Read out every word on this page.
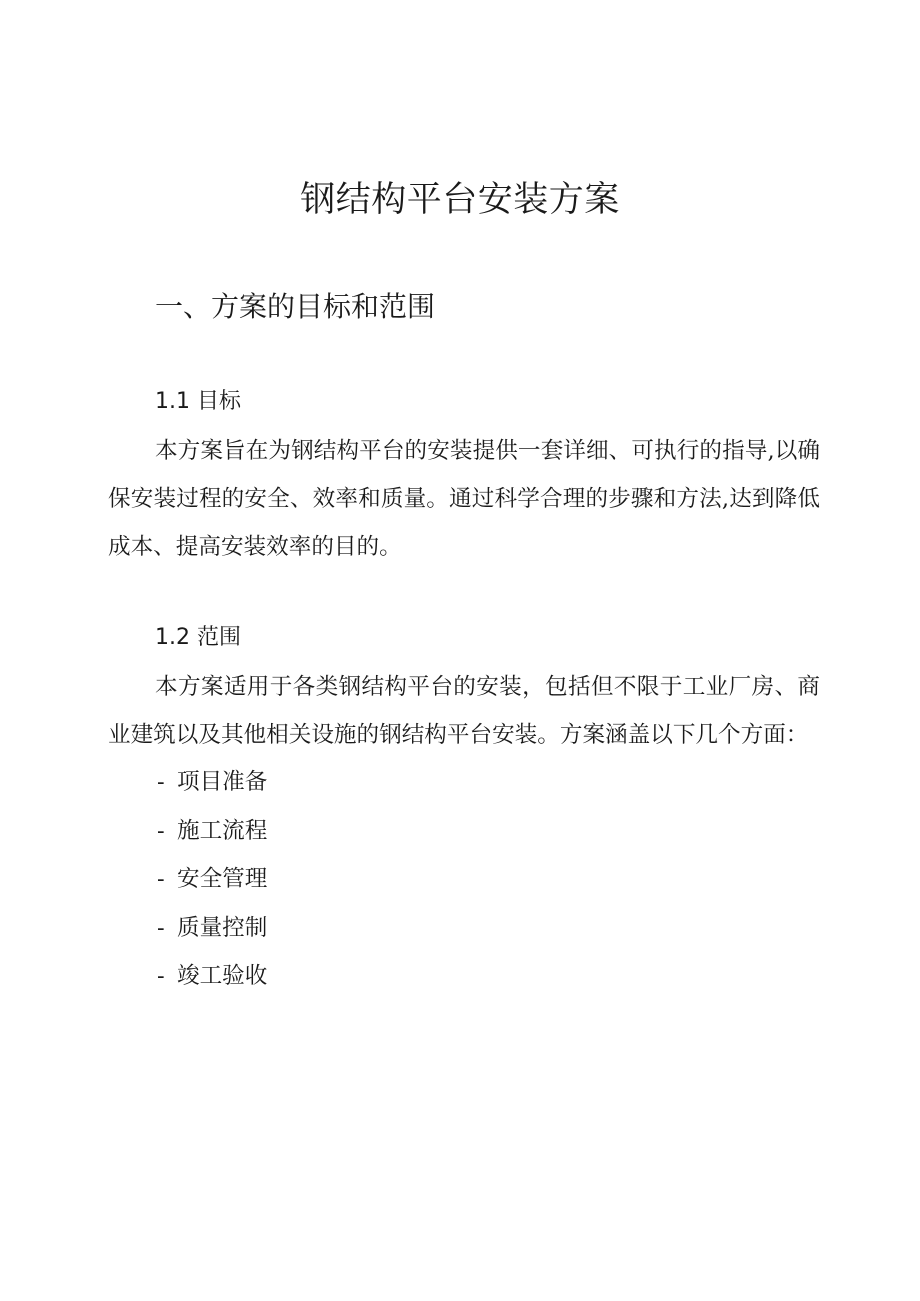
钢结构平台安装方案
一、方案的目标和范围
1.1 目标

本方案旨在为钢结构平台的安装提供一套详细、可执行的指导,以确保安装过程的安全、效率和质量。通过科学合理的步骤和方法,达到降低成本、提高安装效率的目的。

1.2 范围

本方案适用于各类钢结构平台的安装，包括但不限于工业厂房、商业建筑以及其他相关设施的钢结构平台安装。方案涵盖以下几个方面：

- 项目准备
- 施工流程
- 安全管理
- 质量控制
- 竣工验收
